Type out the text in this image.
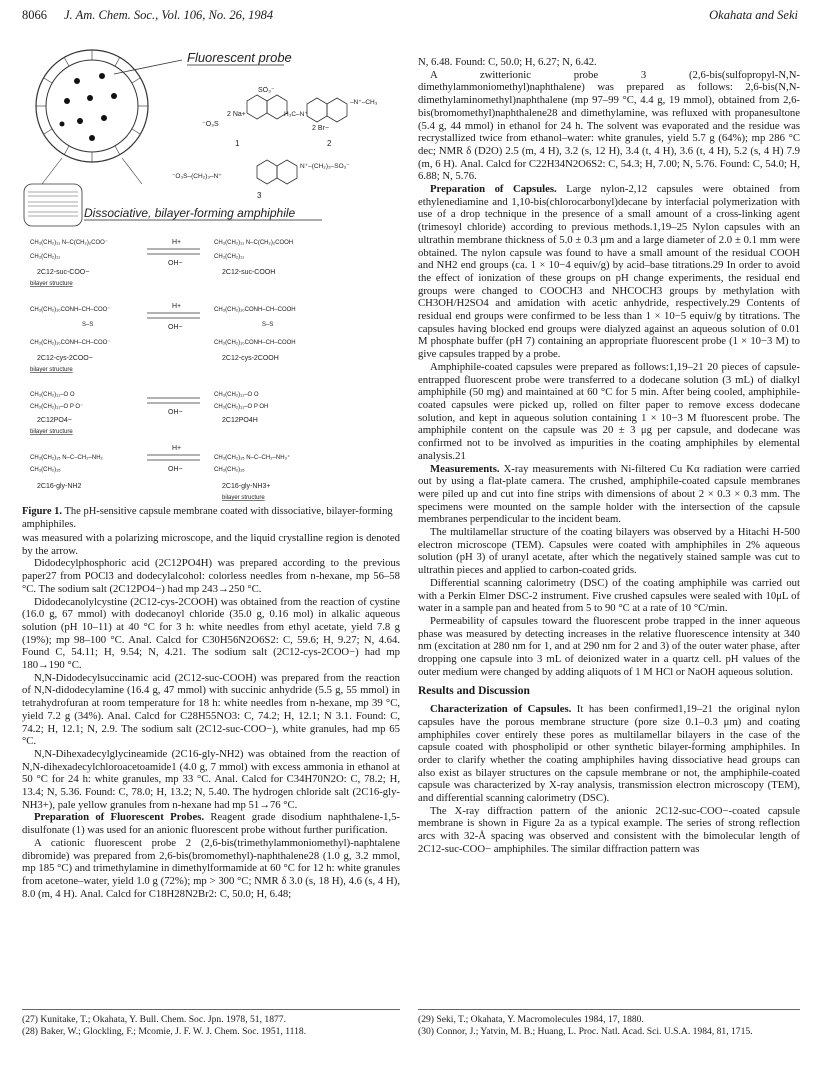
8066 J. Am. Chem. Soc., Vol. 106, No. 26, 1984	Okahata and Seki
Fluorescent probe
⁻O₃S
SO₃⁻
2 Na+
1
H₃C–N⁺
–N⁺–CH₃
2 Br−
2
⁻O₃S–(CH₂)₃–N⁺
N⁺–(CH₂)₃–SO₃⁻
3
Dissociative, bilayer-forming amphiphile
CH₃(CH₂)₁₁ N–C(CH₂)₂COO⁻
CH₃(CH₂)₁₁
2C12-suc-COO−
bilayer structure
H+
OH−
CH₃(CH₂)₁₁ N–C(CH₂)₂COOH
CH₃(CH₂)₁₁
2C12-suc-COOH
CH₃(CH₂)₁₀CONH–CH–COO⁻
S–S
CH₃(CH₂)₁₀CONH–CH–COO⁻
2C12-cys-2COO−
bilayer structure
H+
OH−
CH₃(CH₂)₁₀CONH–CH–COOH
S–S
CH₃(CH₂)₁₀CONH–CH–COOH
2C12-cys-2COOH
CH₃(CH₂)₁₁–O O
CH₃(CH₂)₁₁–O P O⁻
2C12PO4−
bilayer structure
OH−
CH₃(CH₂)₁₁–O O
CH₃(CH₂)₁₁–O P OH
2C12PO4H
CH₃(CH₂)₁₅ N–C–CH₂–NH₂
CH₃(CH₂)₁₅
2C16-gly-NH2
H+
OH−
CH₃(CH₂)₁₅ N–C–CH₂–NH₃⁺
CH₃(CH₂)₁₅
2C16-gly-NH3+
bilayer structure
Figure 1. The pH-sensitive capsule membrane coated with dissociative, bilayer-forming amphiphiles.

was measured with a polarizing microscope, and the liquid crystalline region is denoted by the arrow.

Didodecylphosphoric acid (2C12PO4H) was prepared according to the previous paper27 from POCl3 and dodecylalcohol: colorless needles from n-hexane, mp 56–58 °C. The sodium salt (2C12PO4−) had mp 243→250 °C.

Didodecanolylcystine (2C12-cys-2COOH) was obtained from the reaction of cystine (16.0 g, 67 mmol) with dodecanoyl chloride (35.0 g, 0.16 mol) in alkalic aqueous solution (pH 10–11) at 40 °C for 3 h: white needles from ethyl acetate, yield 7.8 g (19%); mp 98–100 °C. Anal. Calcd for C30H56N2O6S2: C, 59.6; H, 9.27; N, 4.64. Found C, 54.11; H, 9.54; N, 4.21. The sodium salt (2C12-cys-2COO−) had mp 180→190 °C.

N,N-Didodecylsuccinamic acid (2C12-suc-COOH) was prepared from the reaction of N,N-didodecylamine (16.4 g, 47 mmol) with succinic anhydride (5.5 g, 55 mmol) in tetrahydrofuran at room temperature for 18 h: white needles from n-hexane, mp 39 °C, yield 7.2 g (34%). Anal. Calcd for C28H55NO3: C, 74.2; H, 12.1; N 3.1. Found: C, 74.2; H, 12.1; N, 2.9. The sodium salt (2C12-suc-COO−), white granules, had mp 65 °C.

N,N-Dihexadecylglycineamide (2C16-gly-NH2) was obtained from the reaction of N,N-dihexadecylchloroacetoamide1 (4.0 g, 7 mmol) with excess ammonia in ethanol at 50 °C for 24 h: white granules, mp 33 °C. Anal. Calcd for C34H70N2O: C, 78.2; H, 13.4; N, 5.36. Found: C, 78.0; H, 13.2; N, 5.40. The hydrogen chloride salt (2C16-gly-NH3+), pale yellow granules from n-hexane had mp 51→76 °C.

Preparation of Fluorescent Probes. Reagent grade disodium naphthalene-1,5-disulfonate (1) was used for an anionic fluorescent probe without further purification.

A cationic fluorescent probe 2 (2,6-bis(trimethylammoniomethyl)-naphtalene dibromide) was prepared from 2,6-bis(bromomethyl)-naphthalene28 (1.0 g, 3.2 mmol, mp 185 °C) and trimethylamine in dimethylformamide at 60 °C for 12 h: white granules from acetone–water, yield 1.0 g (72%); mp > 300 °C; NMR δ 3.0 (s, 18 H), 4.6 (s, 4 H), 8.0 (m, 4 H). Anal. Calcd for C18H28N2Br2: C, 50.0; H, 6.48;

N, 6.48. Found: C, 50.0; H, 6.27; N, 6.42.

A zwitterionic probe 3 (2,6-bis(sulfopropyl-N,N-dimethylammoniomethyl)naphthalene) was prepared as follows: 2,6-bis(N,N-dimethylaminomethyl)naphthalene (mp 97–99 °C, 4.4 g, 19 mmol), obtained from 2,6-bis(bromomethyl)naphthalene28 and dimethylamine, was refluxed with propanesultone (5.4 g, 44 mmol) in ethanol for 24 h. The solvent was evaporated and the residue was recrystallized twice from ethanol–water: white granules, yield 5.7 g (64%); mp 286 °C dec; NMR δ (D2O) 2.5 (m, 4 H), 3.2 (s, 12 H), 3.4 (t, 4 H), 3.6 (t, 4 H), 5.2 (s, 4 H) 7.9 (m, 6 H). Anal. Calcd for C22H34N2O6S2: C, 54.3; H, 7.00; N, 5.76. Found: C, 54.0; H, 6.88; N, 5.76.

Preparation of Capsules. Large nylon-2,12 capsules were obtained from ethylenediamine and 1,10-bis(chlorocarbonyl)decane by interfacial polymerization with use of a drop technique in the presence of a small amount of a cross-linking agent (trimesoyl chloride) according to previous methods.1,19–25 Nylon capsules with an ultrathin membrane thickness of 5.0 ± 0.3 μm and a large diameter of 2.0 ± 0.1 mm were obtained. The nylon capsule was found to have a small amount of the residual COOH and NH2 end groups (ca. 1 × 10−4 equiv/g) by acid–base titrations.29 In order to avoid the effect of ionization of these groups on pH change experiments, the residual end groups were changed to COOCH3 and NHCOCH3 groups by methylation with CH3OH/H2SO4 and amidation with acetic anhydride, respectively.29 Contents of residual end groups were confirmed to be less than 1 × 10−5 equiv/g by titrations. The capsules having blocked end groups were dialyzed against an aqueous solution of 0.01 M phosphate buffer (pH 7) containing an appropriate fluorescent probe (1 × 10−3 M) to give capsules trapped by a probe.

Amphiphile-coated capsules were prepared as follows:1,19–21 20 pieces of capsule-entrapped fluorescent probe were transferred to a dodecane solution (3 mL) of dialkyl amphiphile (50 mg) and maintained at 60 °C for 5 min. After being cooled, amphiphile-coated capsules were picked up, rolled on filter paper to remove excess dodecane solution, and kept in aqueous solution containing 1 × 10−3 M fluorescent probe. The amphiphile content on the capsule was 20 ± 3 μg per capsule, and dodecane was confirmed not to be involved as impurities in the coating amphiphiles by elemental analysis.21

Measurements. X-ray measurements with Ni-filtered Cu Kα radiation were carried out by using a flat-plate camera. The crushed, amphiphile-coated capsule membranes were piled up and cut into fine strips with dimensions of about 2 × 0.3 × 0.3 mm. The specimens were mounted on the sample holder with the intersection of the capsule membranes perpendicular to the incident beam.

The multilamellar structure of the coating bilayers was observed by a Hitachi H-500 electron microscope (TEM). Capsules were coated with amphiphiles in 2% aqueous solution (pH 3) of uranyl acetate, after which the negatively stained sample was cut to ultrathin pieces and applied to carbon-coated grids.

Differential scanning calorimetry (DSC) of the coating amphiphile was carried out with a Perkin Elmer DSC-2 instrument. Five crushed capsules were sealed with 10μL of water in a sample pan and heated from 5 to 90 °C at a rate of 10 °C/min.

Permeability of capsules toward the fluorescent probe trapped in the inner aqueous phase was measured by detecting increases in the relative fluorescence intensity at 340 nm (excitation at 280 nm for 1, and at 290 nm for 2 and 3) of the outer water phase, after dropping one capsule into 3 mL of deionized water in a quartz cell. pH values of the outer medium were changed by adding aliquots of 1 M HCl or NaOH aqueous solution.

Results and Discussion

Characterization of Capsules. It has been confirmed1,19–21 the original nylon capsules have the porous membrane structure (pore size 0.1–0.3 μm) and coating amphiphiles cover entirely these pores as multilamellar bilayers in the case of the capsule coated with phospholipid or other synthetic bilayer-forming amphiphiles. In order to clarify whether the coating amphiphiles having dissociative head groups can also exist as bilayer structures on the capsule membrane or not, the amphiphile-coated capsule was characterized by X-ray analysis, transmission electron microscopy (TEM), and differential scanning calorimetry (DSC).

The X-ray diffraction pattern of the anionic 2C12-suc-COO−-coated capsule membrane is shown in Figure 2a as a typical example. The series of strong reflection arcs with 32-Å spacing was observed and consistent with the bimolecular length of 2C12-suc-COO− amphiphiles. The similar diffraction pattern was

(27) Kunitake, T.; Okahata, Y. Bull. Chem. Soc. Jpn. 1978, 51, 1877.
(28) Baker, W.; Glockling, F.; Mcomie, J. F. W. J. Chem. Soc. 1951, 1118.
(29) Seki, T.; Okahata, Y. Macromolecules 1984, 17, 1880.
(30) Connor, J.; Yatvin, M. B.; Huang, L. Proc. Natl. Acad. Sci. U.S.A. 1984, 81, 1715.
